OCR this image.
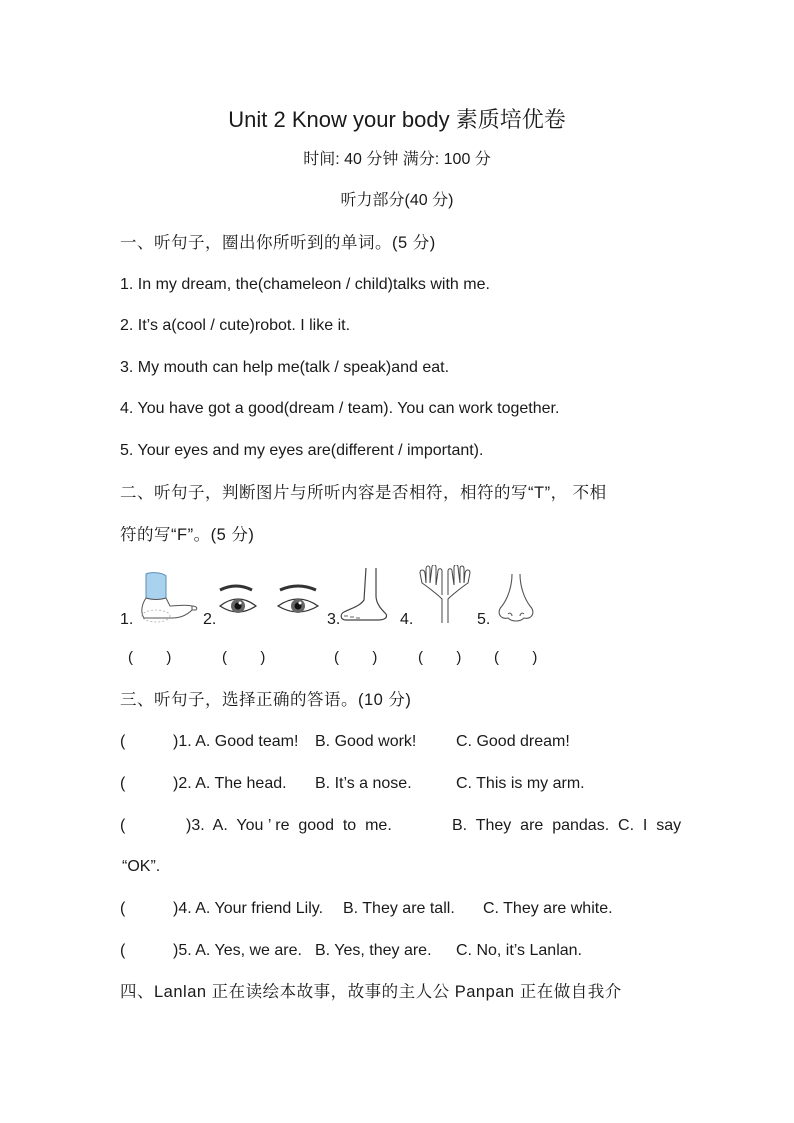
Unit 2 Know your body 素质培优卷
时间: 40 分钟 满分: 100 分
听力部分(40 分)
一、听句子，圈出你所听到的单词。(5 分)
1. In my dream, the(chameleon / child)talks with me.
2. It’s a(cool / cute)robot. I like it.
3. My mouth can help me(talk / speak)and eat.
4. You have got a good(dream / team). You can work together.
5. Your eyes and my eyes are(different / important).
二、听句子，判断图片与所听内容是否相符，相符的写“T”， 不相
符的写“F”。(5 分)
1.	2.	3.	4.	5.
(        )	(        )	(        )	(        ) (        )
三、听句子，选择正确的答语。(10 分)
(	)1. A. Good team! B. Good work! C. Good dream!
(	)2. A. The head. B. It’s a nose.	C. This is my arm.
(	)3.  A.  You ’ re  good  to  me.	B.  They  are  pandas.  C.  I  say
“OK”.
(	)4. A. Your friend Lily. B. They are tall. C. They are white.
(	)5. A. Yes, we are. B. Yes, they are. C. No, it’s Lanlan.
四、Lanlan 正在读绘本故事，故事的主人公 Panpan 正在做自我介
